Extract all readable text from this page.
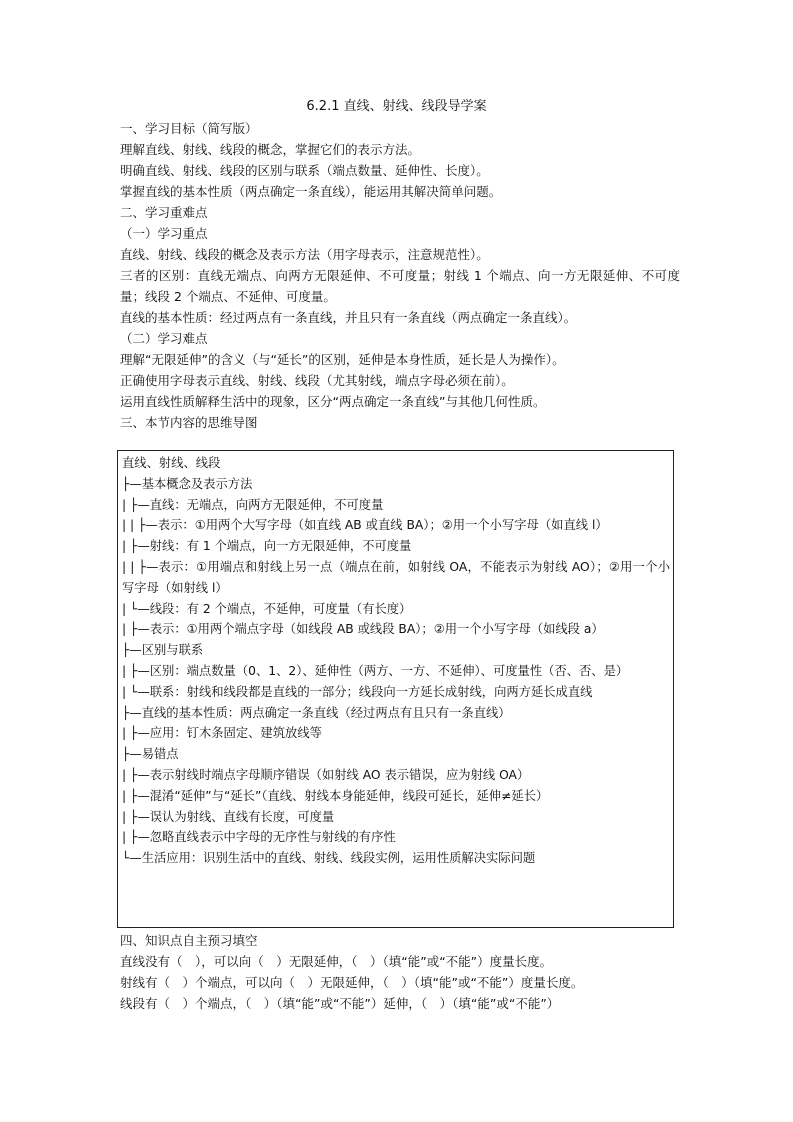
6.2.1 直线、射线、线段导学案

一、学习目标（简写版）

理解直线、射线、线段的概念，掌握它们的表示方法。

明确直线、射线、线段的区别与联系（端点数量、延伸性、长度）。

掌握直线的基本性质（两点确定一条直线），能运用其解决简单问题。

二、学习重难点

（一）学习重点

直线、射线、线段的概念及表示方法（用字母表示，注意规范性）。

三者的区别：直线无端点、向两方无限延伸、不可度量；射线 1 个端点、向一方无限延伸、不可度量；线段 2 个端点、不延伸、可度量。

直线的基本性质：经过两点有一条直线，并且只有一条直线（两点确定一条直线）。

（二）学习难点

理解“无限延伸”的含义（与“延长”的区别，延伸是本身性质，延长是人为操作）。

正确使用字母表示直线、射线、线段（尤其射线，端点字母必须在前）。

运用直线性质解释生活中的现象，区分“两点确定一条直线”与其他几何性质。

三、本节内容的思维导图

直线、射线、线段

├—基本概念及表示方法

| ├—直线：无端点，向两方无限延伸，不可度量

| | ├—表示：①用两个大写字母（如直线 AB 或直线 BA）；②用一个小写字母（如直线 l）

| ├—射线：有 1 个端点，向一方无限延伸，不可度量

| | ├—表示：①用端点和射线上另一点（端点在前，如射线 OA，不能表示为射线 AO）；②用一个小写字母（如射线 l）

| └—线段：有 2 个端点，不延伸，可度量（有长度）

| ├—表示：①用两个端点字母（如线段 AB 或线段 BA）；②用一个小写字母（如线段 a）

├—区别与联系

| ├—区别：端点数量（0、1、2）、延伸性（两方、一方、不延伸）、可度量性（否、否、是）

| └—联系：射线和线段都是直线的一部分；线段向一方延长成射线，向两方延长成直线

├—直线的基本性质：两点确定一条直线（经过两点有且只有一条直线）

| ├—应用：钉木条固定、建筑放线等

├—易错点

| ├—表示射线时端点字母顺序错误（如射线 AO 表示错误，应为射线 OA）

| ├—混淆“延伸”与“延长”（直线、射线本身能延伸，线段可延长，延伸≠延长）

| ├—误认为射线、直线有长度，可度量

| ├—忽略直线表示中字母的无序性与射线的有序性

└—生活应用：识别生活中的直线、射线、线段实例，运用性质解决实际问题

四、知识点自主预习填空

直线没有（　），可以向（　）无限延伸，（　）（填“能”或“不能”）度量长度。

射线有（　）个端点，可以向（　）无限延伸，（　）（填“能”或“不能”）度量长度。

线段有（　）个端点，（　）（填“能”或“不能”）延伸，（　）（填“能”或“不能”）
